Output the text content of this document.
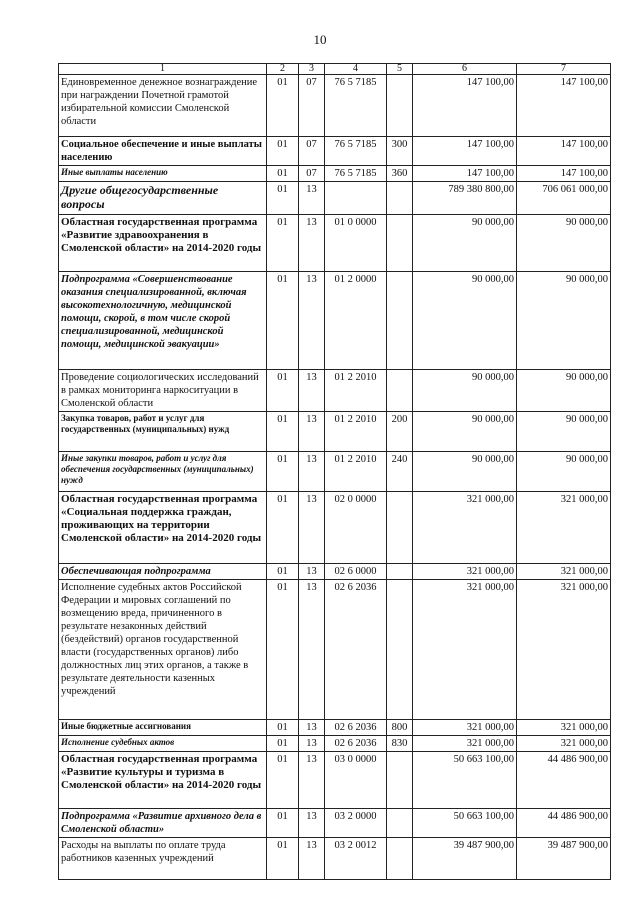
10
1	2	3	4	5	6	7
Единовременное денежное вознаграждение при награждении Почетной грамотой избирательной комиссии Смоленской области	01	07	76 5 7185		147 100,00	147 100,00
Социальное обеспечение и иные выплаты населению	01	07	76 5 7185	300	147 100,00	147 100,00
Иные выплаты населению	01	07	76 5 7185	360	147 100,00	147 100,00
Другие общегосударственные вопросы	01	13			789 380 800,00	706 061 000,00
Областная государственная программа «Развитие здравоохранения в Смоленской области» на 2014-2020 годы	01	13	01 0 0000		90 000,00	90 000,00
Подпрограмма «Совершенствование оказания специализированной, включая высокотехнологичную, медицинской помощи, скорой, в том числе скорой специализированной, медицинской помощи, медицинской эвакуации»	01	13	01 2 0000		90 000,00	90 000,00
Проведение социологических исследований в рамках мониторинга наркоситуации в Смоленской области	01	13	01 2 2010		90 000,00	90 000,00
Закупка товаров, работ и услуг для государственных (муниципальных) нужд	01	13	01 2 2010	200	90 000,00	90 000,00
Иные закупки товаров, работ и услуг для обеспечения государственных (муниципальных) нужд	01	13	01 2 2010	240	90 000,00	90 000,00
Областная государственная программа «Социальная поддержка граждан, проживающих на территории Смоленской области» на 2014-2020 годы	01	13	02 0 0000		321 000,00	321 000,00
Обеспечивающая подпрограмма	01	13	02 6 0000		321 000,00	321 000,00
Исполнение судебных актов Российской Федерации и мировых соглашений по возмещению вреда, причиненного в результате незаконных действий (бездействий) органов государственной власти (государственных органов) либо должностных лиц этих органов, а также в результате деятельности казенных учреждений	01	13	02 6 2036		321 000,00	321 000,00
Иные бюджетные ассигнования	01	13	02 6 2036	800	321 000,00	321 000,00
Исполнение судебных актов	01	13	02 6 2036	830	321 000,00	321 000,00
Областная государственная программа «Развитие культуры и туризма в Смоленской области» на 2014-2020 годы	01	13	03 0 0000		50 663 100,00	44 486 900,00
Подпрограмма «Развитие архивного дела в Смоленской области»	01	13	03 2 0000		50 663 100,00	44 486 900,00
Расходы на выплаты по оплате труда работников казенных учреждений	01	13	03 2 0012		39 487 900,00	39 487 900,00
